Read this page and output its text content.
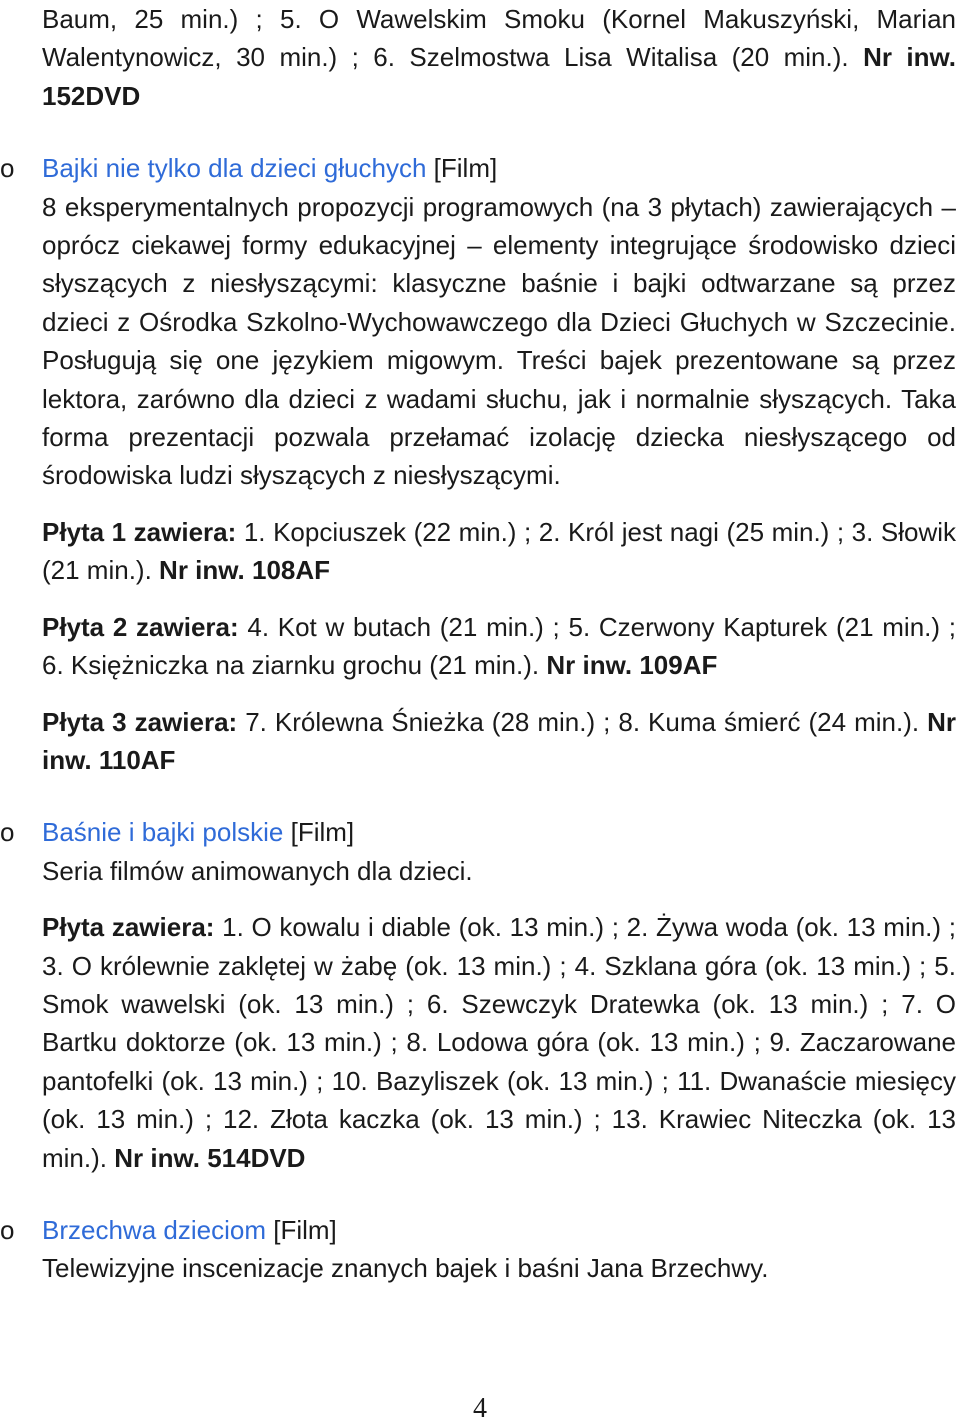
Baum, 25 min.) ; 5. O Wawelskim Smoku (Kornel Makuszyński, Marian Walentynowicz, 30 min.) ; 6. Szelmostwa Lisa Witalisa (20 min.). Nr inw. 152DVD

o	Bajki nie tylko dla dzieci głuchych [Film]

8 eksperymentalnych propozycji programowych (na 3 płytach) zawierających – oprócz ciekawej formy edukacyjnej – elementy integrujące środowisko dzieci słyszących z niesłyszącymi: klasyczne baśnie i bajki odtwarzane są przez dzieci z Ośrodka Szkolno-Wychowawczego dla Dzieci Głuchych w Szczecinie. Posługują się one językiem migowym. Treści bajek prezentowane są przez lektora, zarówno dla dzieci z wadami słuchu, jak i normalnie słyszących. Taka forma prezentacji pozwala przełamać izolację dziecka niesłyszącego od środowiska ludzi słyszących z niesłyszącymi.

Płyta 1 zawiera: 1. Kopciuszek (22 min.) ; 2. Król jest nagi (25 min.) ; 3. Słowik (21 min.). Nr inw. 108AF

Płyta 2 zawiera: 4. Kot w butach (21 min.) ; 5. Czerwony Kapturek (21 min.) ; 6. Księżniczka na ziarnku grochu (21 min.). Nr inw. 109AF

Płyta 3 zawiera: 7. Królewna Śnieżka (28 min.) ; 8. Kuma śmierć (24 min.). Nr inw. 110AF

o	Baśnie i bajki polskie [Film]

Seria filmów animowanych dla dzieci.

Płyta zawiera: 1. O kowalu i diable (ok. 13 min.) ; 2. Żywa woda (ok. 13 min.) ; 3. O królewnie zaklętej w żabę (ok. 13 min.) ; 4. Szklana góra (ok. 13 min.) ; 5. Smok wawelski (ok. 13 min.) ; 6. Szewczyk Dratewka (ok. 13 min.) ; 7. O Bartku doktorze (ok. 13 min.) ; 8. Lodowa góra (ok. 13 min.) ; 9. Zaczarowane pantofelki (ok. 13 min.) ; 10. Bazyliszek (ok. 13 min.) ; 11. Dwanaście miesięcy (ok. 13 min.) ; 12. Złota kaczka (ok. 13 min.) ; 13. Krawiec Niteczka (ok. 13 min.). Nr inw. 514DVD

o	Brzechwa dzieciom [Film]

Telewizyjne inscenizacje znanych bajek i baśni Jana Brzechwy.

4
